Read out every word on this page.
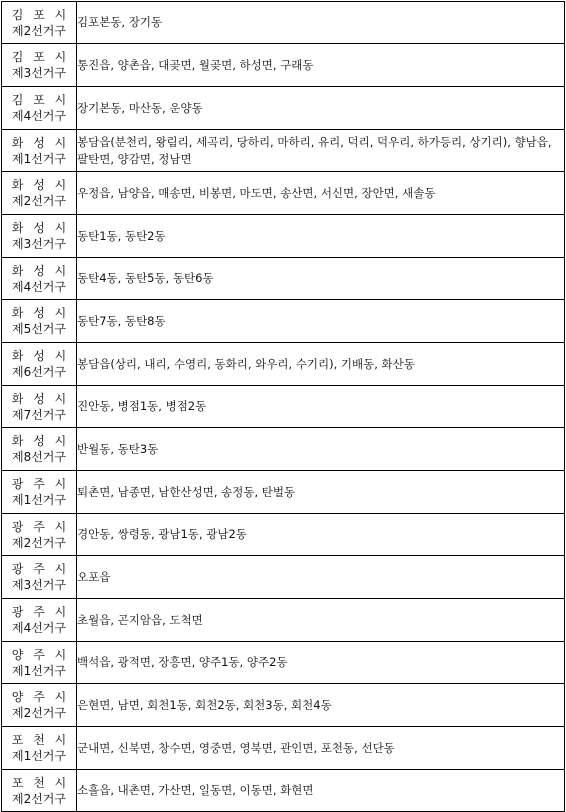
김 포 시
제2선거구	김포본동, 장기동

김 포 시
제3선거구	통진읍, 양촌읍, 대곶면, 월곶면, 하성면, 구래동

김 포 시
제4선거구	장기본동, 마산동, 운양동

화 성 시
제1선거구	봉담읍(분천리, 왕림리, 세곡리, 당하리, 마하리, 유리, 덕리, 덕우리, 하가등리, 상기리), 향남읍, 팔탄면, 양감면, 정남면

화 성 시
제2선거구	우정읍, 남양읍, 매송면, 비봉면, 마도면, 송산면, 서신면, 장안면, 새솔동

화 성 시
제3선거구	동탄1동, 동탄2동

화 성 시
제4선거구	동탄4동, 동탄5동, 동탄6동

화 성 시
제5선거구	동탄7동, 동탄8동

화 성 시
제6선거구	봉담읍(상리, 내리, 수영리, 동화리, 와우리, 수기리), 기배동, 화산동

화 성 시
제7선거구	진안동, 병점1동, 병점2동

화 성 시
제8선거구	반월동, 동탄3동

광 주 시
제1선거구	퇴촌면, 남종면, 남한산성면, 송정동, 탄벌동

광 주 시
제2선거구	경안동, 쌍령동, 광남1동, 광남2동

광 주 시
제3선거구	오포읍

광 주 시
제4선거구	초월읍, 곤지암읍, 도척면

양 주 시
제1선거구	백석읍, 광적면, 장흥면, 양주1동, 양주2동

양 주 시
제2선거구	은현면, 남면, 회천1동, 회천2동, 회천3동, 회천4동

포 천 시
제1선거구	군내면, 신북면, 창수면, 영중면, 영북면, 관인면, 포천동, 선단동

포 천 시
제2선거구	소흘읍, 내촌면, 가산면, 일동면, 이동면, 화현면
